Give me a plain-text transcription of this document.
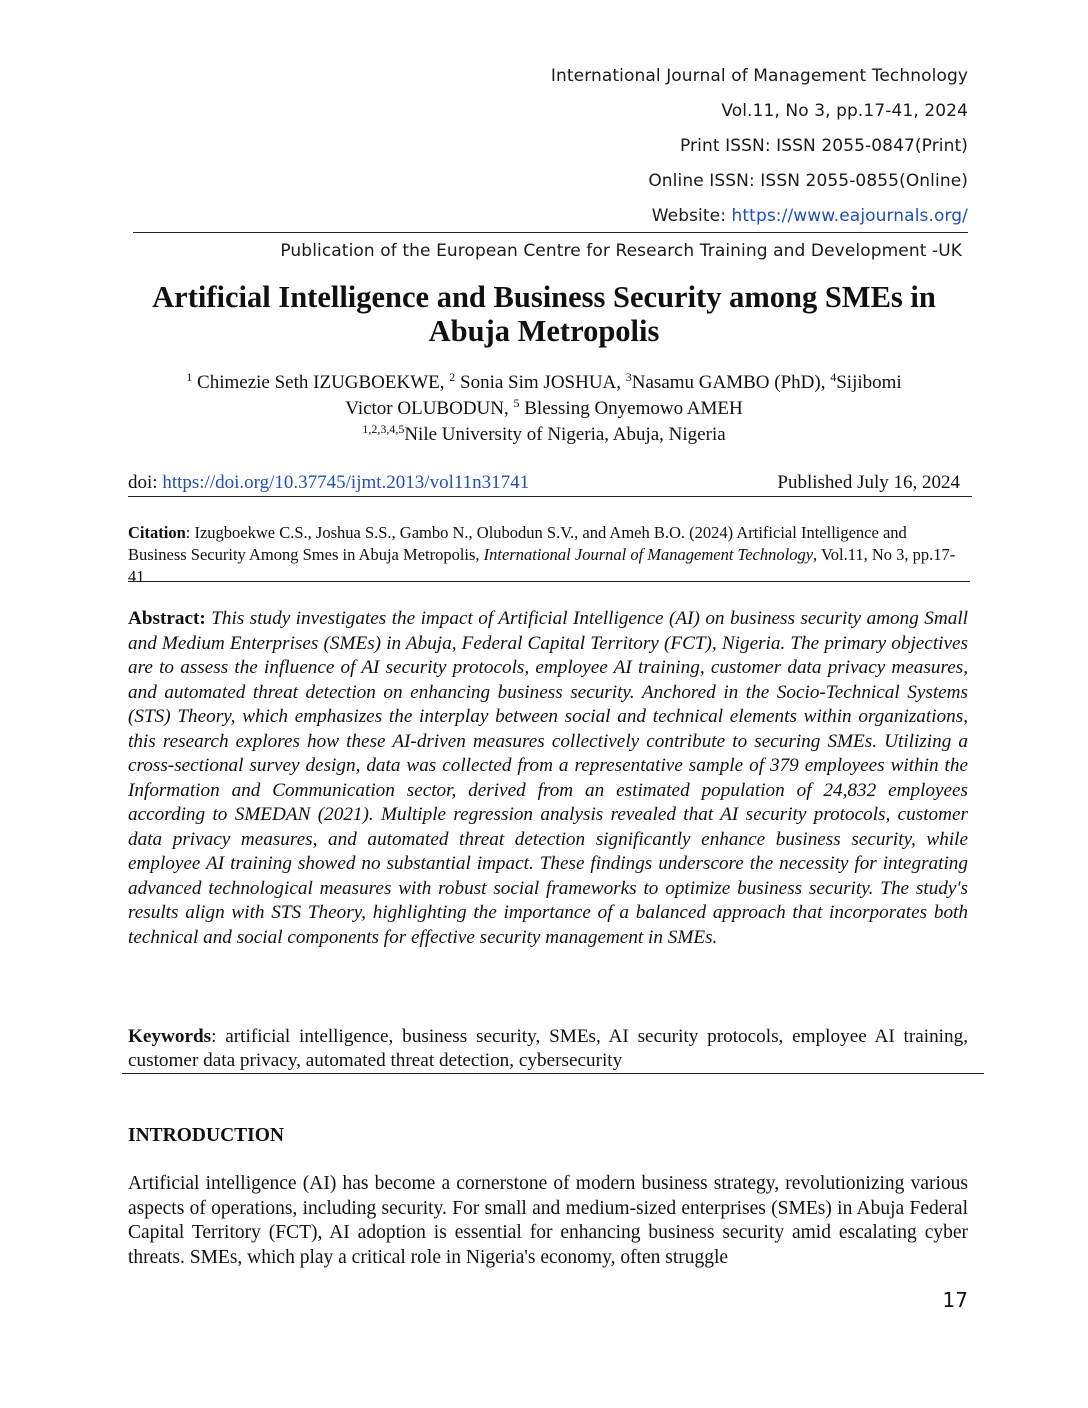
International Journal of Management Technology
Vol.11, No 3, pp.17-41, 2024
Print ISSN: ISSN 2055-0847(Print)
Online ISSN: ISSN 2055-0855(Online)
Website: https://www.eajournals.org/
Publication of the European Centre for Research Training and Development -UK
Artificial Intelligence and Business Security among SMEs in
Abuja Metropolis
$^1$ Chimezie Seth IZUGBOEKWE, $^2$ Sonia Sim JOSHUA, $^3$Nasamu GAMBO (PhD), $^4$Sijibomi
Victor OLUBODUN, $^5$ Blessing Onyemowo AMEH
$^{1,2,3,4,5}$Nile University of Nigeria, Abuja, Nigeria
doi: https://doi.org/10.37745/ijmt.2013/vol11n31741	Published July 16, 2024
Citation: Izugboekwe C.S., Joshua S.S., Gambo N., Olubodun S.V., and Ameh B.O. (2024) Artificial Intelligence and Business Security Among Smes in Abuja Metropolis, International Journal of Management Technology, Vol.11, No 3, pp.17-41
Abstract: This study investigates the impact of Artificial Intelligence (AI) on business security among Small and Medium Enterprises (SMEs) in Abuja, Federal Capital Territory (FCT), Nigeria. The primary objectives are to assess the influence of AI security protocols, employee AI training, customer data privacy measures, and automated threat detection on enhancing business security. Anchored in the Socio-Technical Systems (STS) Theory, which emphasizes the interplay between social and technical elements within organizations, this research explores how these AI-driven measures collectively contribute to securing SMEs. Utilizing a cross-sectional survey design, data was collected from a representative sample of 379 employees within the Information and Communication sector, derived from an estimated population of 24,832 employees according to SMEDAN (2021). Multiple regression analysis revealed that AI security protocols, customer data privacy measures, and automated threat detection significantly enhance business security, while employee AI training showed no substantial impact. These findings underscore the necessity for integrating advanced technological measures with robust social frameworks to optimize business security. The study's results align with STS Theory, highlighting the importance of a balanced approach that incorporates both technical and social components for effective security management in SMEs.
Keywords: artificial intelligence, business security, SMEs, AI security protocols, employee AI training, customer data privacy, automated threat detection, cybersecurity
INTRODUCTION
Artificial intelligence (AI) has become a cornerstone of modern business strategy, revolutionizing various aspects of operations, including security. For small and medium-sized enterprises (SMEs) in Abuja Federal Capital Territory (FCT), AI adoption is essential for enhancing business security amid escalating cyber threats. SMEs, which play a critical role in Nigeria's economy, often struggle
17
